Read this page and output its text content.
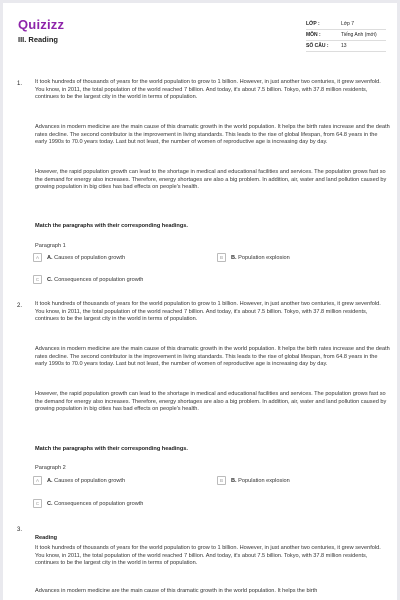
Quizizz
III. Reading
LỚP :	Lớp 7
MÔN :	Tiếng Anh (mới)
SỐ CÂU :	13
1. It took hundreds of thousands of years for the world population to grow to 1 billion. However, in just another two centuries, it grew sevenfold. You know, in 2011, the total population of the world reached 7 billion. And today, it's about 7.5 billion. Tokyo, with 37.8 million residents, continues to be the largest city in the world in terms of population.

Advances in modern medicine are the main cause of this dramatic growth in the world population. It helps the birth rates increase and the death rates decline. The second contributor is the improvement in living standards. This leads to the rise of global lifespan, from 64.8 years in the early 1990s to 70.0 years today. Last but not least, the number of women of reproductive age is increasing day by day.

However, the rapid population growth can lead to the shortage in medical and educational facilities and services. The population grows fast so the demand for energy also increases. Therefore, energy shortages are also a big problem. In addition, air, water and land pollution caused by growing population in big cities has bad effects on people's health.

Match the paragraphs with their corresponding headings.
Paragraph 1
A	A. Causes of population growth	B	B. Population explosion
C	C. Consequences of population growth
2. It took hundreds of thousands of years for the world population to grow to 1 billion. However, in just another two centuries, it grew sevenfold. You know, in 2011, the total population of the world reached 7 billion. And today, it's about 7.5 billion. Tokyo, with 37.8 million residents, continues to be the largest city in the world in terms of population.

Advances in modern medicine are the main cause of this dramatic growth in the world population. It helps the birth rates increase and the death rates decline. The second contributor is the improvement in living standards. This leads to the rise of global lifespan, from 64.8 years in the early 1990s to 70.0 years today. Last but not least, the number of women of reproductive age is increasing day by day.

However, the rapid population growth can lead to the shortage in medical and educational facilities and services. The population grows fast so the demand for energy also increases. Therefore, energy shortages are also a big problem. In addition, air, water and land pollution caused by growing population in big cities has bad effects on people's health.

Match the paragraphs with their corresponding headings.
Paragraph 2
A	A. Causes of population growth	B	B. Population explosion
C	C. Consequences of population growth
3.
Reading

It took hundreds of thousands of years for the world population to grow to 1 billion. However, in just another two centuries, it grew sevenfold. You know, in 2011, the total population of the world reached 7 billion. And today, it's about 7.5 billion. Tokyo, with 37.8 million residents, continues to be the largest city in the world in terms of population.

Advances in modern medicine are the main cause of this dramatic growth in the world population. It helps the birth
